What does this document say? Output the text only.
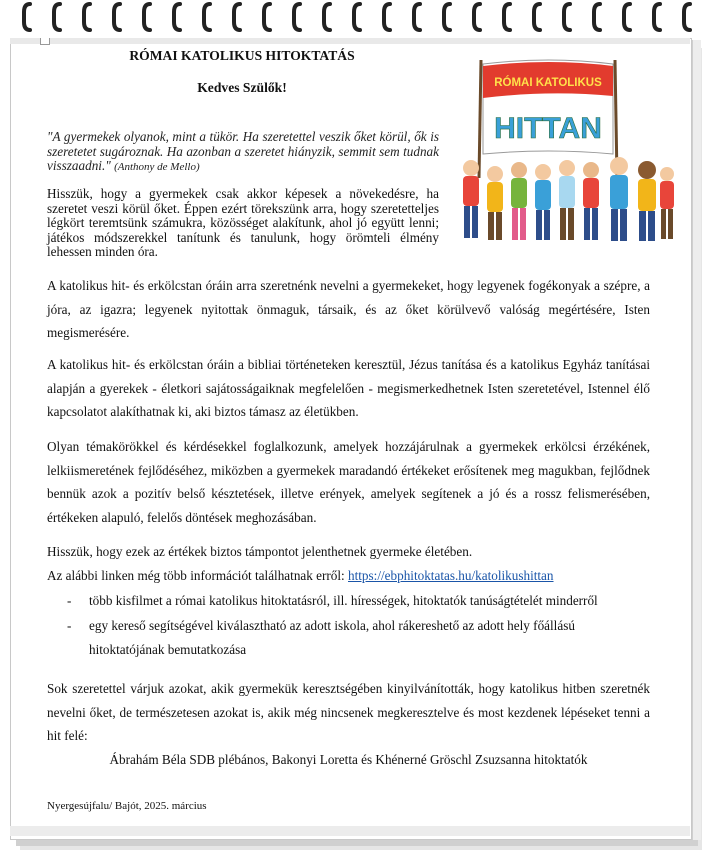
RÓMAI KATOLIKUS
HITTAN
RÓMAI KATOLIKUS HITOKTATÁS
Kedves Szülők!
"A gyermekek olyanok, mint a tükör. Ha szeretettel veszik őket körül, ők is szeretetet sugároznak. Ha azonban a szeretet hiányzik, semmit sem tudnak visszaadni." (Anthony de Mello)
Hisszük, hogy a gyermekek csak akkor képesek a növekedésre, ha szeretet veszi körül őket. Éppen ezért törekszünk arra, hogy szeretetteljes légkört teremtsünk számukra, közösséget alakítunk, ahol jó együtt lenni; játékos módszerekkel tanítunk és tanulunk, hogy örömteli élmény lehessen minden óra.

A katolikus hit- és erkölcstan óráin arra szeretnénk nevelni a gyermekeket, hogy legyenek fogékonyak a szépre, a jóra, az igazra; legyenek nyitottak önmaguk, társaik, és az őket körülvevő valóság megértésére, Isten megismerésére.

A katolikus hit- és erkölcstan óráin a bibliai történeteken keresztül, Jézus tanítása és a katolikus Egyház tanításai alapján a gyerekek - életkori sajátosságaiknak megfelelően - megismerkedhetnek Isten szeretetével, Istennel élő kapcsolatot alakíthatnak ki, aki biztos támasz az életükben.

Olyan témakörökkel és kérdésekkel foglalkozunk, amelyek hozzájárulnak a gyermekek erkölcsi érzékének, lelkiismeretének fejlődéséhez, miközben a gyermekek maradandó értékeket erősítenek meg magukban, fejlődnek bennük azok a pozitív belső késztetések, illetve erények, amelyek segítenek a jó és a rossz felismerésében, értékeken alapuló, felelős döntések meghozásában.

Hisszük, hogy ezek az értékek biztos támpontot jelenthetnek gyermeke életében.

Az alábbi linken még több információt találhatnak erről: https://ebphitoktatas.hu/katolikushittan

- több kisfilmet a római katolikus hitoktatásról, ill. hírességek, hitoktatók tanúságtételét minderről
- egy kereső segítségével kiválasztható az adott iskola, ahol rákereshető az adott hely főállású hitoktatójának bemutatkozása

Sok szeretettel várjuk azokat, akik gyermekük keresztségében kinyilvánították, hogy katolikus hitben szeretnék nevelni őket, de természetesen azokat is, akik még nincsenek megkeresztelve és most kezdenek lépéseket tenni a hit felé:

Ábrahám Béla SDB plébános, Bakonyi Loretta és Khénerné Gröschl Zsuzsanna hitoktatók
Nyergesújfalu/ Bajót, 2025. március
